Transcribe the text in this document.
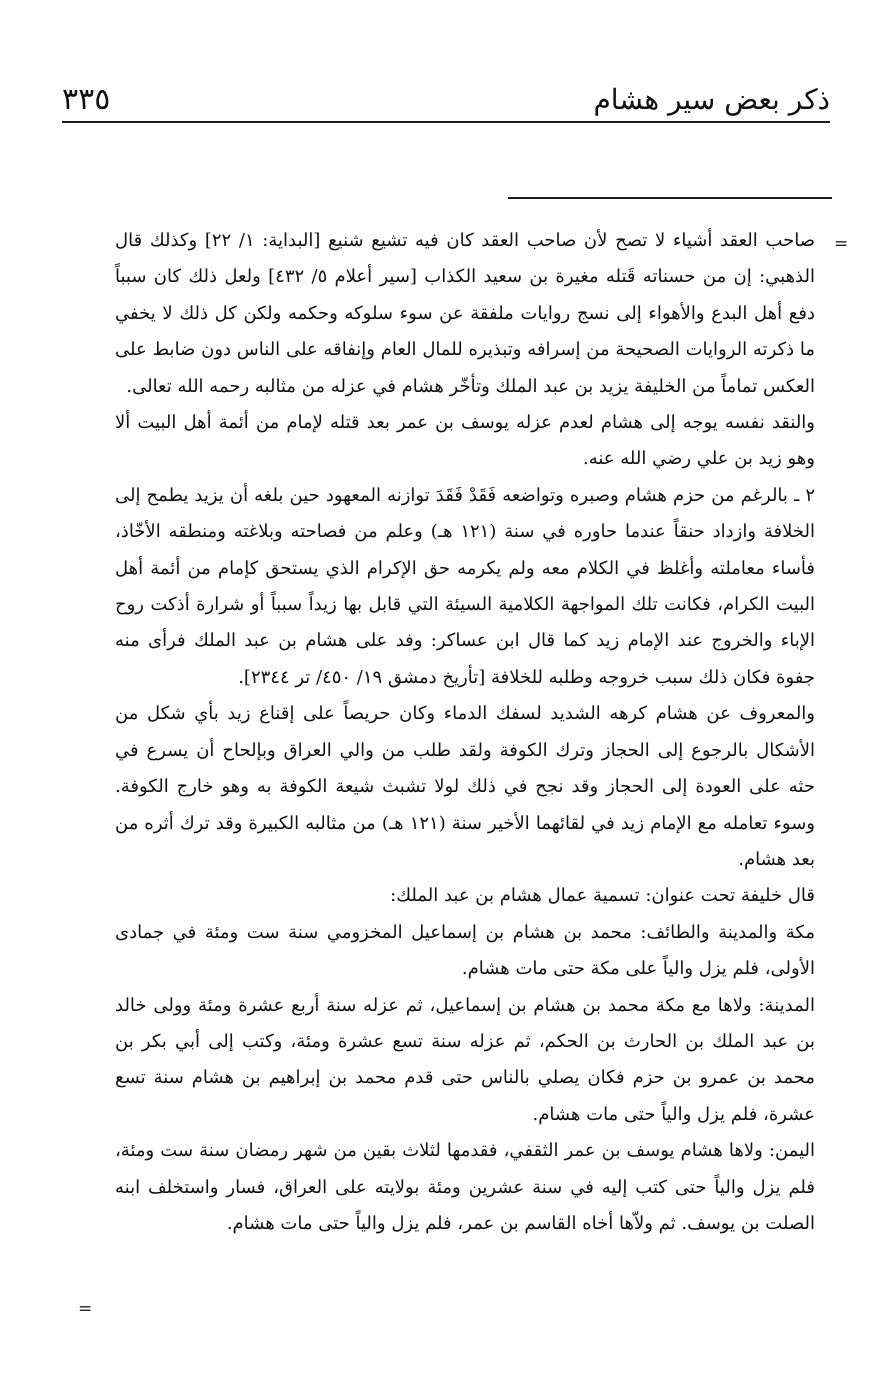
٣٣٥	ذكر بعض سير هشام
=

صاحب العقد أشياء لا تصح لأن صاحب العقد كان فيه تشيع شنيع [البداية: ١/ ٢٢] وكذلك قال الذهبي: إن من حسناته قَتله مغيرة بن سعيد الكذاب [سير أعلام ٥/ ٤٣٢] ولعل ذلك كان سبباً دفع أهل البدع والأهواء إلى نسج روايات ملفقة عن سوء سلوكه وحكمه ولكن كل ذلك لا يخفي ما ذكرته الروايات الصحيحة من إسرافه وتبذيره للمال العام وإنفاقه على الناس دون ضابط على العكس تماماً من الخليفة يزيد بن عبد الملك وتأخّر هشام في عزله من مثالبه رحمه الله تعالى.

والنقد نفسه يوجه إلى هشام لعدم عزله يوسف بن عمر بعد قتله لإمام من أئمة أهل البيت ألا وهو زيد بن علي رضي الله عنه.

٢ ـ بالرغم من حزم هشام وصبره وتواضعه فَقَدْ فَقَدَ توازنه المعهود حين بلغه أن يزيد يطمح إلى الخلافة وازداد حنقاً عندما حاوره في سنة (١٢١ هـ) وعلم من فصاحته وبلاغته ومنطقه الأخّاذ، فأساء معاملته وأغلظ في الكلام معه ولم يكرمه حق الإكرام الذي يستحق كإمام من أئمة أهل البيت الكرام، فكانت تلك المواجهة الكلامية السيئة التي قابل بها زيداً سبباً أو شرارة أذكت روح الإباء والخروج عند الإمام زيد كما قال ابن عساكر: وفد على هشام بن عبد الملك فرأى منه جفوة فكان ذلك سبب خروجه وطلبه للخلافة [تأريخ دمشق ١٩/ ٤٥٠/ تر ٢٣٤٤].

والمعروف عن هشام كرهه الشديد لسفك الدماء وكان حريصاً على إقناع زيد بأي شكل من الأشكال بالرجوع إلى الحجاز وترك الكوفة ولقد طلب من والي العراق وبإلحاح أن يسرع في حثه على العودة إلى الحجاز وقد نجح في ذلك لولا تشبث شيعة الكوفة به وهو خارج الكوفة. وسوء تعامله مع الإمام زيد في لقائهما الأخير سنة (١٢١ هـ) من مثالبه الكبيرة وقد ترك أثره من بعد هشام.

قال خليفة تحت عنوان: تسمية عمال هشام بن عبد الملك:

مكة والمدينة والطائف: محمد بن هشام بن إسماعيل المخزومي سنة ست ومئة في جمادى الأولى، فلم يزل والياً على مكة حتى مات هشام.

المدينة: ولاها مع مكة محمد بن هشام بن إسماعيل، ثم عزله سنة أربع عشرة ومئة وولى خالد بن عبد الملك بن الحارث بن الحكم، ثم عزله سنة تسع عشرة ومئة، وكتب إلى أبي بكر بن محمد بن عمرو بن حزم فكان يصلي بالناس حتى قدم محمد بن إبراهيم بن هشام سنة تسع عشرة، فلم يزل والياً حتى مات هشام.

اليمن: ولاها هشام يوسف بن عمر الثقفي، فقدمها لثلاث بقين من شهر رمضان سنة ست ومئة، فلم يزل والياً حتى كتب إليه في سنة عشرين ومئة بولايته على العراق، فسار واستخلف ابنه الصلت بن يوسف. ثم ولاّها أخاه القاسم بن عمر، فلم يزل والياً حتى مات هشام.

=
